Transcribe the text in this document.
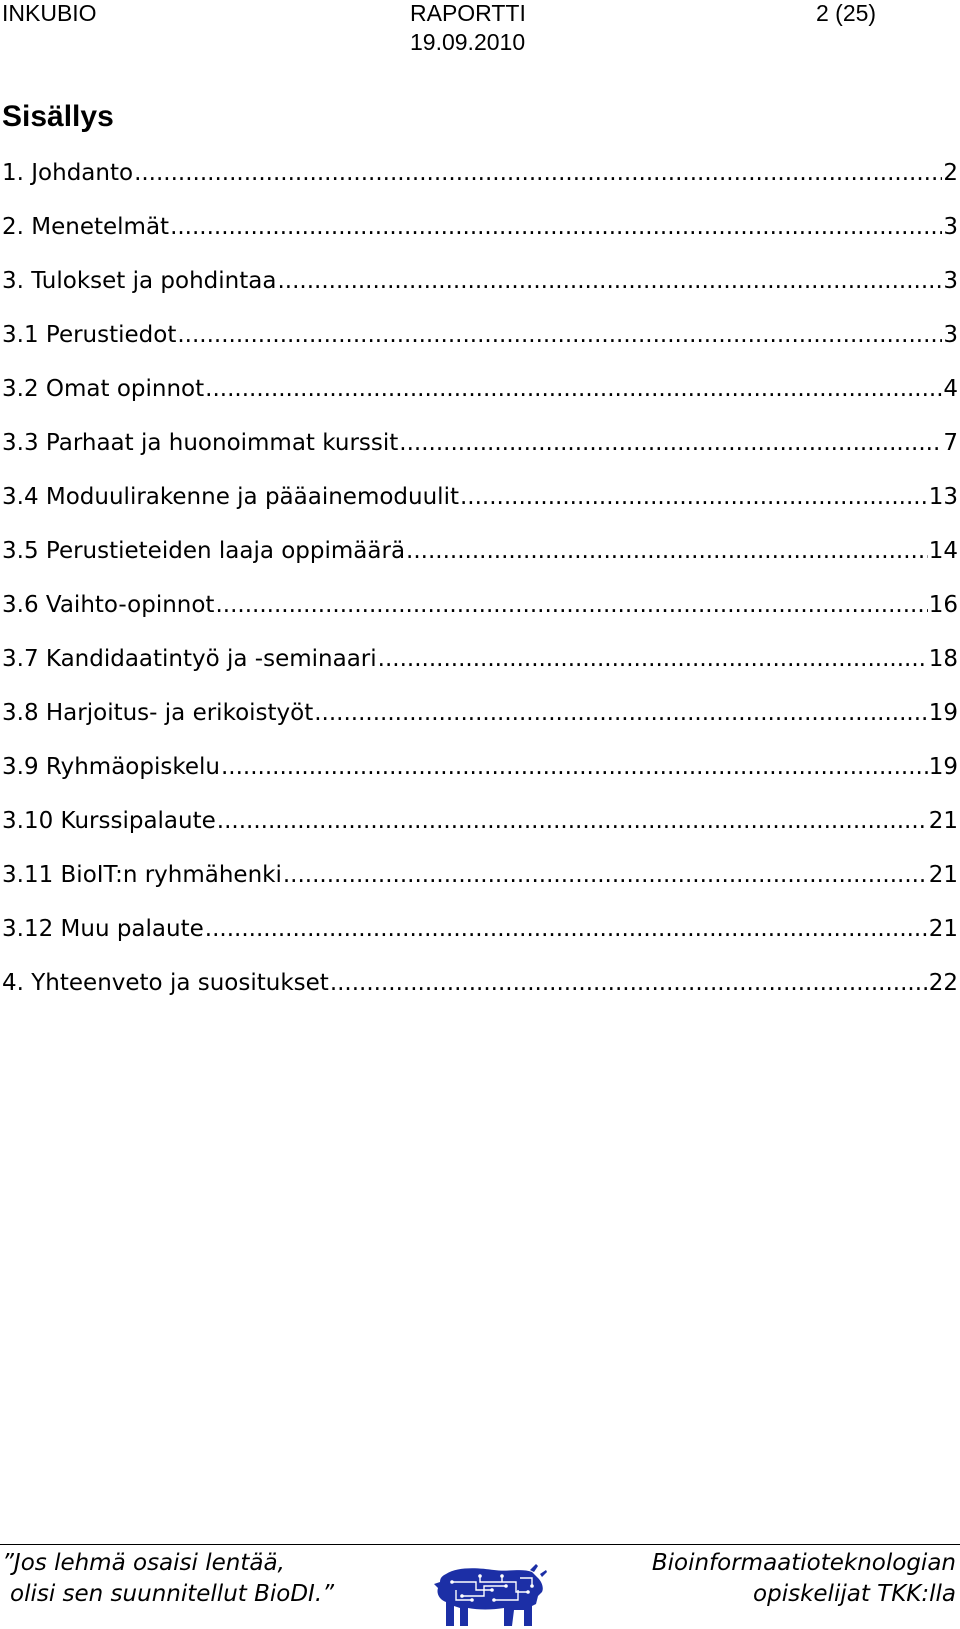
INKUBIO	RAPORTTI
19.09.2010
2 (25)
Sisällys
1. Johdanto .....	2
2. Menetelmät .....	3
3. Tulokset ja pohdintaa .....	3
3.1 Perustiedot .....	3
3.2 Omat opinnot .....	4
3.3 Parhaat ja huonoimmat kurssit .....	7
3.4 Moduulirakenne ja pääainemoduulit .....	13
3.5 Perustieteiden laaja oppimäärä .....	14
3.6 Vaihto-opinnot .....	16
3.7 Kandidaatintyö ja -seminaari .....	18
3.8 Harjoitus- ja erikoistyöt .....	19
3.9 Ryhmäopiskelu .....	19
3.10 Kurssipalaute .....	21
3.11 BioIT:n ryhmähenki .....	21
3.12 Muu palaute .....	21
4. Yhteenveto ja suositukset .....	22
”Jos lehmä osaisi lentää,
olisi sen suunnitellut BioDI.”
Bioinformaatioteknologian
opiskelijat TKK:lla
